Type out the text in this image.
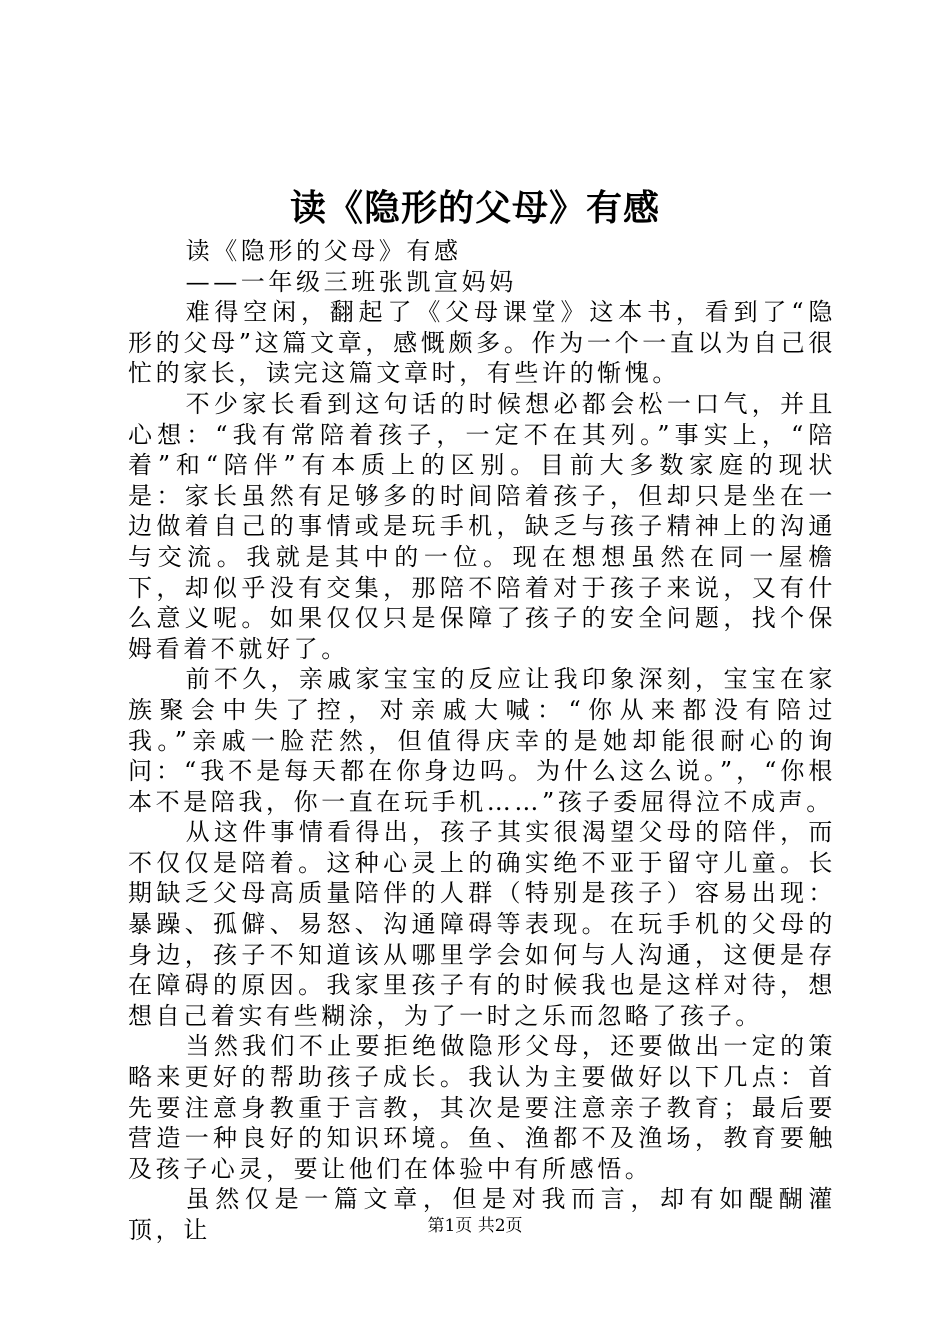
读《隐形的父母》有感

读《隐形的父母》有感

——一年级三班张凯宣妈妈

难得空闲，翻起了《父母课堂》这本书，看到了“隐形的父母”这篇文章，感慨颇多。作为一个一直以为自己很忙的家长，读完这篇文章时，有些许的惭愧。

不少家长看到这句话的时候想必都会松一口气，并且心想：“我有常陪着孩子，一定不在其列。”事实上，“陪着”和“陪伴”有本质上的区别。目前大多数家庭的现状是：家长虽然有足够多的时间陪着孩子，但却只是坐在一边做着自己的事情或是玩手机，缺乏与孩子精神上的沟通与交流。我就是其中的一位。现在想想虽然在同一屋檐下，却似乎没有交集，那陪不陪着对于孩子来说，又有什么意义呢。如果仅仅只是保障了孩子的安全问题，找个保姆看着不就好了。

前不久，亲戚家宝宝的反应让我印象深刻，宝宝在家族聚会中失了控，对亲戚大喊：“你从来都没有陪过我。”亲戚一脸茫然，但值得庆幸的是她却能很耐心的询问：“我不是每天都在你身边吗。为什么这么说。”，“你根本不是陪我，你一直在玩手机……”孩子委屈得泣不成声。

从这件事情看得出，孩子其实很渴望父母的陪伴，而不仅仅是陪着。这种心灵上的确实绝不亚于留守儿童。长期缺乏父母高质量陪伴的人群（特别是孩子）容易出现：暴躁、孤僻、易怒、沟通障碍等表现。在玩手机的父母的身边，孩子不知道该从哪里学会如何与人沟通，这便是存在障碍的原因。我家里孩子有的时候我也是这样对待，想想自己着实有些糊涂，为了一时之乐而忽略了孩子。

当然我们不止要拒绝做隐形父母，还要做出一定的策略来更好的帮助孩子成长。我认为主要做好以下几点：首先要注意身教重于言教，其次是要注意亲子教育；最后要营造一种良好的知识环境。鱼、渔都不及渔场，教育要触及孩子心灵，要让他们在体验中有所感悟。

虽然仅是一篇文章，但是对我而言，却有如醍醐灌顶，让	第1页 共2页
